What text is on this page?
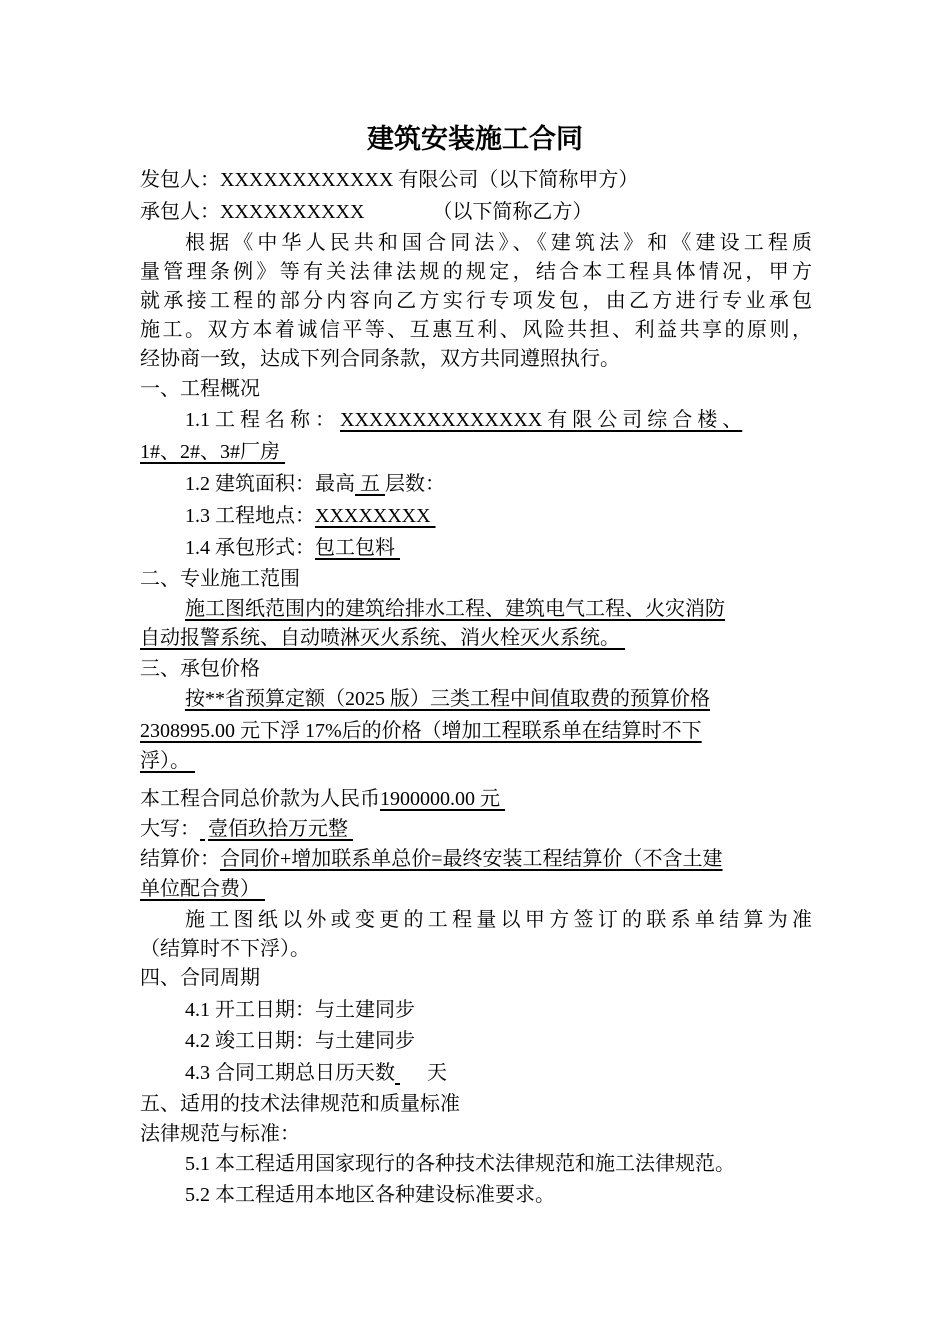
建筑安装施工合同
发包人：XXXXXXXXXXXX 有限公司（以下简称甲方）
承包人：XXXXXXXXXX	（以下简称乙方）
根据《中华人民共和国合同法》、《建筑法》和《建设工程质
量管理条例》等有关法律法规的规定，结合本工程具体情况，甲方
就承接工程的部分内容向乙方实行专项发包，由乙方进行专业承包
施工。双方本着诚信平等、互惠互利、风险共担、利益共享的原则，
经协商一致，达成下列合同条款，双方共同遵照执行。
一、工程概况
1.1 工 程 名 称 ： XXXXXXXXXXXXXX 有 限 公 司 综 合 楼 、
1#、2#、3#厂房
1.2 建筑面积：最高 五 层数：
1.3 工程地点：XXXXXXXX
1.4 承包形式：包工包料
二、专业施工范围
施工图纸范围内的建筑给排水工程、建筑电气工程、火灾消防
自动报警系统、自动喷淋灭火系统、消火栓灭火系统。
三、承包价格
按**省预算定额（2025 版）三类工程中间值取费的预算价格
2308995.00 元下浮 17%后的价格（增加工程联系单在结算时不下
浮）。
本工程合同总价款为人民币1900000.00 元
大写： 壹佰玖拾万元整
结算价：合同价+增加联系单总价=最终安装工程结算价（不含土建
单位配合费）
施工图纸以外或变更的工程量以甲方签订的联系单结算为准
（结算时不下浮）。
四、合同周期
4.1 开工日期：与土建同步
4.2 竣工日期：与土建同步
4.3 合同工期总日历天数 天
五、适用的技术法律规范和质量标准
法律规范与标准：
5.1 本工程适用国家现行的各种技术法律规范和施工法律规范。
5.2 本工程适用本地区各种建设标准要求。
